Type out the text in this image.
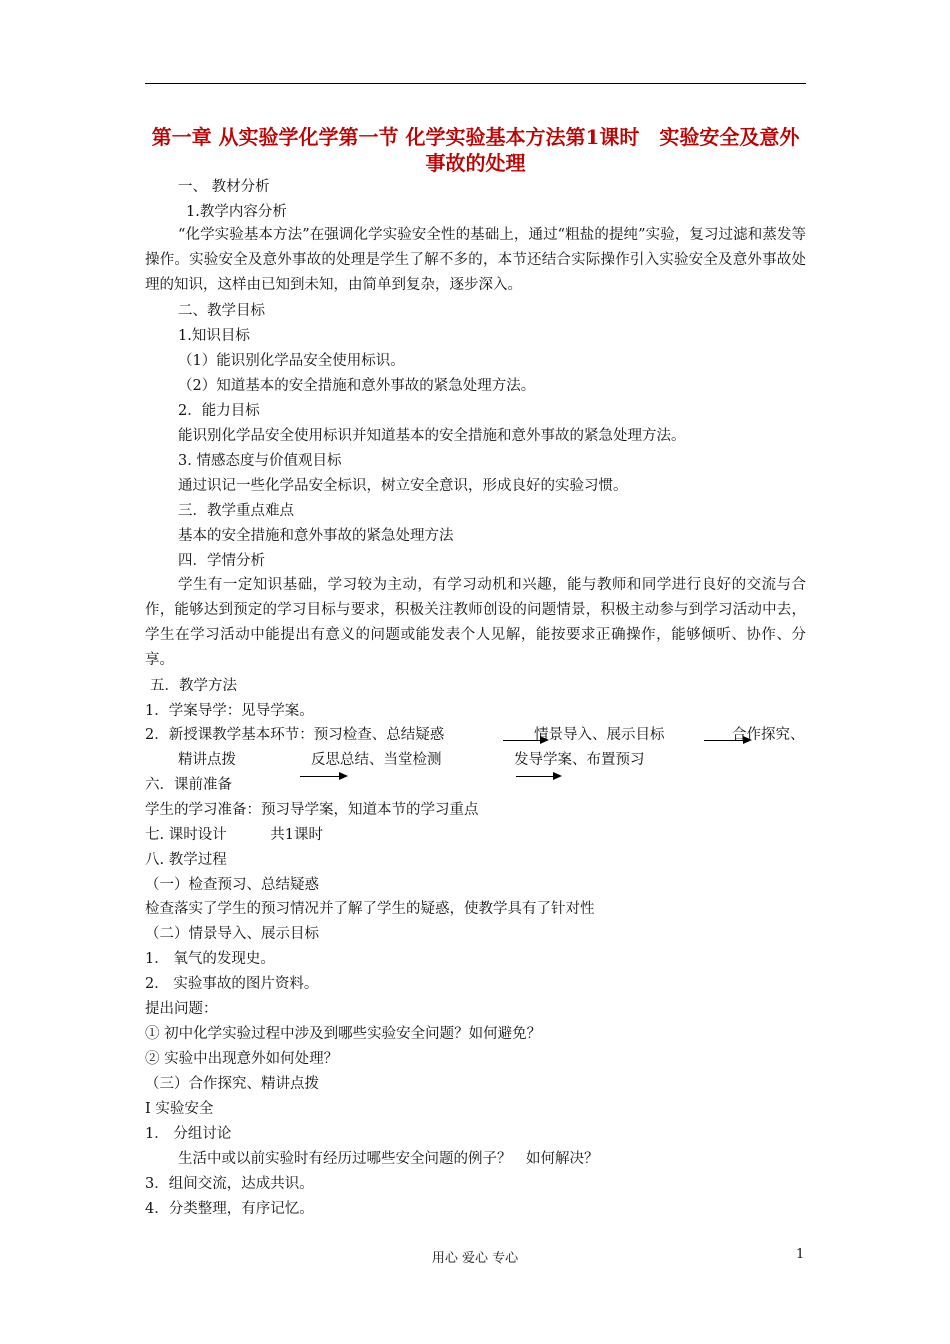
第一章 从实验学化学第一节 化学实验基本方法第1课时　实验安全及意外事故的处理
一、 教材分析
1.教学内容分析
“化学实验基本方法”在强调化学实验安全性的基础上，通过“粗盐的提纯”实验，复习过滤和蒸发等操作。实验安全及意外事故的处理是学生了解不多的，本节还结合实际操作引入实验安全及意外事故处理的知识，这样由已知到未知，由简单到复杂，逐步深入。
二、教学目标
1.知识目标
（1）能识别化学品安全使用标识。
（2）知道基本的安全措施和意外事故的紧急处理方法。
2．能力目标
能识别化学品安全使用标识并知道基本的安全措施和意外事故的紧急处理方法。
3. 情感态度与价值观目标
通过识记一些化学品安全标识，树立安全意识，形成良好的实验习惯。
三．教学重点难点
基本的安全措施和意外事故的紧急处理方法
四．学情分析
学生有一定知识基础，学习较为主动，有学习动机和兴趣，能与教师和同学进行良好的交流与合作，能够达到预定的学习目标与要求，积极关注教师创设的问题情景，积极主动参与到学习活动中去，学生在学习活动中能提出有意义的问题或能发表个人见解，能按要求正确操作，能够倾听、协作、分享。
五．教学方法
1．学案导学：见导学案。
2．新授课教学基本环节：预习检查、总结疑惑	情景导入、展示目标	合作探究、
精讲点拨	反思总结、当堂检测	发导学案、布置预习
六．课前准备
学生的学习准备：预习导学案，知道本节的学习重点
七. 课时设计　　　共1课时
八. 教学过程
（一）检查预习、总结疑惑
检查落实了学生的预习情况并了解了学生的疑惑，使教学具有了针对性
（二）情景导入、展示目标
1． 氧气的发现史。
2． 实验事故的图片资料。
提出问题：
① 初中化学实验过程中涉及到哪些实验安全问题？如何避免？
② 实验中出现意外如何处理？
（三）合作探究、精讲点拨
Ⅰ 实验安全
1． 分组讨论
生活中或以前实验时有经历过哪些安全问题的例子？　如何解决？
3．组间交流，达成共识。
4．分类整理，有序记忆。
用心 爱心 专心	1
